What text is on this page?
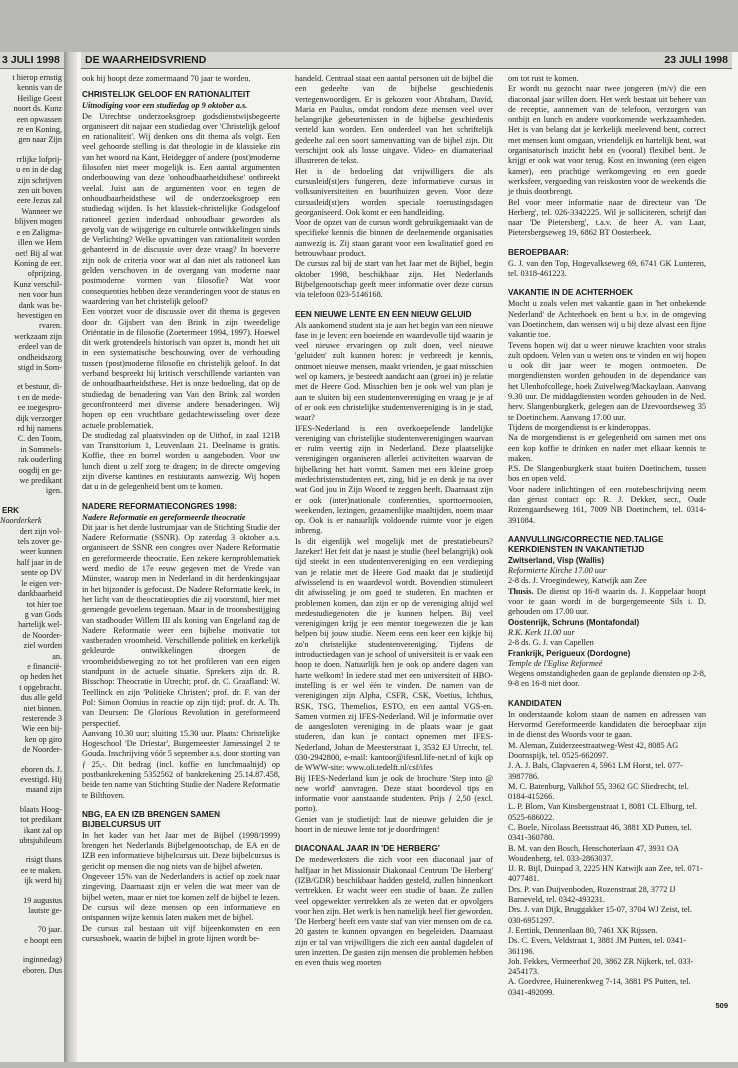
3 JULI 1998
t hierop ernstig
kennis van de
Heilige Geest
noort ds. Kunz
een opwassen
re en Koning,
gen naar Zijn
rrlijke lofprij-
u en in de dag
zijn schrijven
zen uit boven
eere Jezus zal
Wanneer we
blijven mogen
e en Zaligma-
illen we Hem
oet! Bij al wat
Koning de eer.
ofprijzing.
Kunz verschil-
nen voor hun
dank was be-
bevestigen en
rvaren.
werkzaam zijn
erdeel van de
ondheidszorg
stigd in Som-
et bestuur, di-
t en de mede-
ee toegespro-
dijk verzorger
rd hij namens
C. den Toom,
in Sommels-
rak ouderling
oogdij en ge-
we predikant
igen.
ERK
Noorderkerk
dert zijn vol-
tels zover ge-
weer kunnen
half jaar in de
sente op DV
le eigen ver-
dankbaarheid
tot hier toe
g van Gods
hartelijk wel-
de Noorder-
ziel worden
an.
e financië-
op heden het
t opgebracht.
dus alle geld
niet binnen.
resterende 3
Wie een bij-
ken op giro
de Noorder-
eboren ds. J.
evestigd. Hij
maand zijn
blaats Hoog-
tot predikant
ikant zal op
ubtsjubileum
risigt thans
ee te maken.
ijk werd hij
19 augustus
lautste ge-
70 jaar.
e hoopt een
inginnedag)
eboren. Dus
DE WAARHEIDSVRIEND	23 JULI 1998

ook hij hoopt deze zomermaand 70 jaar te worden.

CHRISTELIJK GELOOF EN RATIONALITEIT

Uitnodiging voor een studiedag op 9 oktober a.s.

De Utrechtse onderzoeksgroep godsdienstwijsbegeerte organiseert dit najaar een studiedag over 'Christelijk geloof en rationaliteit'. Wij denken ons dit thema als volgt. Een veel gehoorde stelling is dat theologie in de klassieke zin van het woord na Kant, Heidegger of andere (post)moderne filosofen niet meer mogelijk is. Een aantal argumenten onderbouwing van deze 'onhoudbaarheidsthese' ontbreekt veelal. Juist aan de argumenten voor en tegen de onhoudbaarheidsthese wil de onderzoeksgroep een studiedag wijden. Is het klassiek-christelijke Godsgeloof rationeel gezien inderdaad onhoudbaar geworden als gevolg van de wijsgerige en culturele ontwikkelingen sinds de Verlichting? Welke opvattingen van rationaliteit worden gehanteerd in de discussie over deze vraag? In hoeverre zijn ook de criteria voor wat al dan niet als rationeel kan gelden verschoven in de overgang van moderne naar postmoderne vormen van filosofie? Wat voor consequenties hebben deze veranderingen voor de status en waardering van het christelijk geloof?

Een voorzet voor de discussie over dit thema is gegeven door dr. Gijsbert van den Brink in zijn tweedelige Oriëntatie in de filosofie (Zoetermeer 1994, 1997). Hoewel dit werk grotendeels historisch van opzet is, mondt het uit in een systematische beschouwing over de verhouding tussen (post)moderne filosofie en christelijk geloof. In dat verband bespreekt hij kritisch verschillende varianten van de onhoudbaarheidsthese. Het is onze bedoeling, dat op de studiedag de benadering van Van den Brink zal worden geconfronteerd met diverse andere benaderingen. Wij hopen op een vruchtbare gedachtewisseling over deze actuele problematiek.

De studiedag zal plaatsvinden op de Uithof, in zaal 121B van Transitorium 1, Leuvenlaan 21. Deelname is gratis. Koffie, thee en borrel worden u aangeboden. Voor uw lunch dient u zelf zorg te dragen; in de directe omgeving zijn diverse kantines en restaurants aanwezig. Wij hopen dat u in de gelegenheid bent om te komen.

NADERE REFORMATIECONGRES 1998:

Nadere Reformatie en gereformeerde theocratie

Dit jaar is het derde lustrumjaar van de Stichting Studie der Nadere Reformatie (SSNR). Op zaterdag 3 oktober a.s. organiseert de SSNR een congres over Nadere Reformatie en gereformeerde theocratie. Een zekere kernproblematiek werd medio de 17e eeuw gegeven met de Vrede van Münster, waarop men in Nederland in dit herdenkingsjaar in het bijzonder is gefocust. De Nadere Reformatie keek, in het licht van de theocratieopties die zij voorstond, hier met gemengde gevoelens tegenaan. Maar in de troonsbestijging van stadhouder Willem III als koning van Engeland zag de Nadere Reformatie weer een bijbelse motivatie tot vastberaden vroomheid. Verschillende politiek en kerkelijk gekleurde ontwikkelingen droegen de vroomheidsbeweging zo tot het profileren van een eigen standpunt in de actuele situatie. Sprekers zijn dr. R. Bisschop: Theocratie in Utrecht; prof. dr. C. Graafland: W. Teellinck en zijn 'Politieke Christen'; prof. dr. F. van der Pol: Simon Oomius in reactie op zijn tijd; prof. dr. A. Th. van Deursen: De Glorious Revolution in gereformeerd perspectief.

Aanvang 10.30 uur; sluiting 15.30 uur. Plaats: Christelijke Hogeschool 'De Driestar', Burgemeester Jamessingel 2 te Gouda. Inschrijving vóór 5 september a.s. door storting van ƒ 25,-. Dit bedrag (incl. koffie en lunchmaaltijd) op postbankrekening 5352562 of bankrekening 25.14.87.458, beide ten name van Stichting Studie der Nadere Reformatie te Bilthoven.

NBG, EA EN IZB BRENGEN SAMEN BIJBELCURSUS UIT

In het kader van het Jaar met de Bijbel (1998/1999) brengen het Nederlands Bijbelgenootschap, de EA en de IZB een informatieve bijbelcursus uit. Deze bijbelcursus is gericht op mensen die nog niets van de bijbel afweten.

Ongeveer 15% van de Nederlanders is actief op zoek naar zingeving. Daarnaast zijn er velen die wat meer van de bijbel weten, maar er niet toe komen zelf de bijbel te lezen. De cursus wil deze mensen op een informatieve en ontspannen wijze kennis laten maken met de bijbel.

De cursus zal bestaan uit vijf bijeenkomsten en een cursusboek, waarin de bijbel in grote lijnen wordt be-

handeld. Centraal staat een aantal personen uit de bijbel die een gedeelte van de bijbelse geschiedenis vertegenwoordigen. Er is gekozen voor Abraham, David, Maria en Paulus, omdat rondom deze mensen veel over belangrijke gebeurtenissen in de bijbelse geschiedenis verteld kan worden. Een onderdeel van het schriftelijk gedeelte zal een soort samenvatting van de bijbel zijn. Dit verschijnt ook als losse uitgave. Video- en diamateriaal illustreren de tekst.

Het is de bedoeling dat vrijwilligers die als cursusleid(st)ers fungeren, deze informatieve cursus in volksuniversiteiten en buurthuizen geven. Voor deze cursusleid(st)ers worden speciale toerustingsdagen georganiseerd. Ook komt er een handleiding.

Voor de opzet van de cursus wordt gebruikgemaakt van de specifieke kennis die binnen de deelnemende organisaties aanwezig is. Zij staan garant voor een kwalitatief goed en betrouwbaar product.

De cursus zal bij de start van het Jaar met de Bijbel, begin oktober 1998, beschikbaar zijn. Het Nederlands Bijbelgenootschap geeft meer informatie over deze cursus via telefoon 023-5146168.

EEN NIEUWE LENTE EN EEN NIEUW GELUID

Als aankomend student sta je aan het begin van een nieuwe fase in je leven: een boeiende en waardevolle tijd waarin je veel nieuwe ervaringen op zult doen, veel nieuwe 'geluiden' zult kunnen horen: je verbreedt je kennis, ontmoet nieuwe mensen, maakt vrienden, je gaat misschien wel op kamers, je besteedt aandacht aan (groei in) je relatie met de Heere God. Misschien ben je ook wel van plan je aan te sluiten bij een studentenvereniging en vraag je je af of er ook een christelijke studentenvereniging is in je stad, waar?

IFES-Nederland is een overkoepelende landelijke vereniging van christelijke studentenverenigingen waarvan er ruim veertig zijn in Nederland. Deze plaatselijke verenigingen organiseren allerlei activiteiten waarvan de bijbelkring het hart vormt. Samen met een kleine groep medechristenstudenten eet, zing, bid je en denk je na over wat God jou in Zijn Woord te zeggen heeft. Daarnaast zijn er ook (inter)nationale conferenties, sporttoernooien, weekenden, lezingen, gezamenlijke maaltijden, noem maar op. Ook is er natuurlijk voldoende ruimte voor je eigen inbreng.

Is dit eigenlijk wel mogelijk met de prestatiebeurs? Jazeker! Het feit dat je naast je studie (heel belangrijk) ook tijd steekt in een studentenvereniging en een verdieping van je relatie met de Heere God maakt dat je studietijd afwisselend is en waardevol wordt. Bovendien stimuleert dit afwisseling je om goed te studeren. En machten er problemen komen, dan zijn er op de vereniging altijd wel medestudiegenoten die je kunnen helpen. Bij veel verenigingen krijg je een mentor toegewezen die je kan helpen bij jouw studie. Neem eens een keer een kijkje bij zo'n christelijke studentenvereniging. Tijdens de introductiedagen van je school of universiteit is er vaak een hoop te doen. Natuurlijk ben je ook op andere dagen van harte welkom! In iedere stad met een universiteit of HBO-instelling is er wel één te vinden. De namen van de verenigingen zijn Alpha, CSFR, CSK, Voetius, Ichthus, RSK, TSG, Themelios, ESTO, en een aantal VGS-en. Samen vormen zij IFES-Nederland. Wil je informatie over de aangesloten vereniging in de plaats waar je gaat studeren, dan kun je contact opnemen met IFES-Nederland, Johan de Meesterstraat 1, 3532 EJ Utrecht, tel. 030-2942800, e-mail: kantoor@ifesnl.life-net.nl of kijk op de WWW-site: www.oli.tedelft.nl/csf/ifes

Bij IFES-Nederland kun je ook de brochure 'Step into @ new world' aanvragen. Deze staat boordevol tips en informatie voor aanstaande studenten. Prijs ƒ 2,50 (excl. porto).

Geniet van je studietijd: laat de nieuwe geluiden die je hoort in de nieuwe lente tot je doordringen!

DIACONAAL JAAR IN 'DE HERBERG'

De medewerksters die zich voor een diaconaal jaar of halfjaar in het Missionair Diakonaal Centrum 'De Herberg' (IZB/GDR) beschikbaar hadden gesteld, zullen binnenkort vertrekken. Er wacht weer een studie of baan. Ze zullen veel opgewekter vertrekken als ze weten dat er opvolgers voor hen zijn. Het werk is ben namelijk heel fier geworden.

'De Herberg' heeft een vaste staf van vier mensen om de ca. 20 gasten te kunnen opvangen en begeleiden. Daarnaast zijn er tal van vrijwilligers die zich een aantal dagdelen of uren inzetten. De gasten zijn mensen die problemen hebben en even thuis weg moeten

om tot rust te komen.

Er wordt nu gezocht naar twee jongeren (m/v) die een diaconaal jaar willen doen. Het werk bestaat uit beheer van de receptie, aannemen van de telefoon, verzorgen van ontbijt en lunch en andere voorkomende werkzaamheden. Het is van belang dat je kerkelijk meelevend bent, correct met mensen kunt omgaan, vriendelijk en hartelijk bent, wat organisatorisch inzicht hebt en (vooral) flexibel bent. Je krijgt er ook wat voor terug. Kost en inwoning (een eigen kamer), een prachtige werkomgeving en een goede werksfeer, vergoeding van reiskosten voor de weekends die je thuis doorbrengt.

Bel voor meer informatie naar de directeur van 'De Herberg', tel. 026-3342225. Wil je solliciteren, schrijf dan naar 'De Pietersberg', t.a.v. de heer A. van Laar, Pietersbergseweg 19, 6862 BT Oosterbeek.

BEROEPBAAR:

G. J. van den Top, Hogevalkseweg 69, 6741 GK Lunteren, tel. 0318-461223.

VAKANTIE IN DE ACHTERHOEK

Mocht u zoals velen met vakantie gaan in 'het onbekende Nederland' de Achterhoek en bent u b.v. in de omgeving van Doetinchem, dan wensen wij u bij deze alvast een fijne vakantie toe.

Tevens hopen wij dat u weer nieuwe krachten voor straks zult opdoen. Velen van u weten ons te vinden en wij hopen u ook dit jaar weer te mogen ontmoeten. De morgendiensten worden gehouden in de dependance van het Ulenhofcollege, hoek Zuivelweg/Mackaylaan. Aanvang 9.30 uur. De middagdiensten worden gehouden in de Ned. herv. Slangenburgkerk, gelegen aan de IJzevoordseweg 35 te Doetinchem. Aanvang 17.00 uur.

Tijdens de morgendienst is er kinderoppas.

Na de morgendienst is er gelegenheid om samen met ons een kop koffie te drinken en nader met elkaar kennis te maken.

P.S. De Slangenburgkerk staat buiten Doetinchem, tussen bos en open veld.

Voor nadere inlichtingen of een routebeschrijving neem dan gerust contact op: R. J. Dekker, secr., Oude Rozengaardseweg 161, 7009 NB Doetinchem, tel. 0314-391084.

AANVULLING/CORRECTIE NED.TALIGE KERKDIENSTEN IN VAKANTIETIJD

Zwitserland, Visp (Wallis)

Reformierte Kirche 17.00 uur

2-8 ds. J. Vroegindewey, Katwijk aan Zee

Thusis. De dienst op 16-8 waarin ds. J. Koppelaar hoopt voor te gaan wordt in de burgergemeente Sils i. D. gehouden om 17.00 uur.

Oostenrijk, Schruns (Montafondal)

R.K. Kerk 11.00 uur

2-8 ds. G. J. van Capellen

Frankrijk, Perigueux (Dordogne)

Temple de l'Eglise Reformeé

Wegens omstandigheden gaan de geplande diensten op 2-8, 9-8 en 16-8 niet door.

KANDIDATEN

In onderstaande kolom staan de namen en adressen van Hervormd Gereformeerde kandidaten die beroepbaar zijn in de dienst des Woords voor te gaan.

M. Aleman, Zuiderzeestraatweg-West 42, 8085 AG Doornspijk, tel. 0525-662097.

J. A. J. Bals, Clapvaeren 4, 5961 LM Horst, tel. 077-3987786.

M. C. Batenburg, Valkhof 55, 3362 GC Sliedrecht, tel. 0184-415266.

L. P. Blom, Van Kinsbergenstraat 1, 8081 CL Elburg, tel. 0525-686022.

C. Boele, Nicolaas Beetsstraat 46, 3881 XD Putten, tel. 0341-360780.

B. M. van den Bosch, Henschoterlaan 47, 3931 OA Woudenberg, tel. 033-2863037.

IJ. R. Bijl, Duinpad 3, 2225 HN Katwijk aan Zee, tel. 071-4077481.

Drs. P. van Duijvenboden, Rozenstraat 28, 3772 IJ Barneveld, tel. 0342-493231.

Drs. J. van Dijk, Bruggakker 15-07, 3704 WJ Zeist, tel. 030-6951297.

J. Eertink, Dennenlaan 80, 7461 XK Rijssen.

Ds. C. Evers, Veldstraat 1, 3881 JM Putten, tel. 0341-361196.

Joh. Fekkes, Vermeerhof 20, 3862 ZR Nijkerk, tel. 033-2454173.

A. Goedvree, Huinerenkweg 7-14, 3881 PS Putten, tel. 0341-492099.

509
